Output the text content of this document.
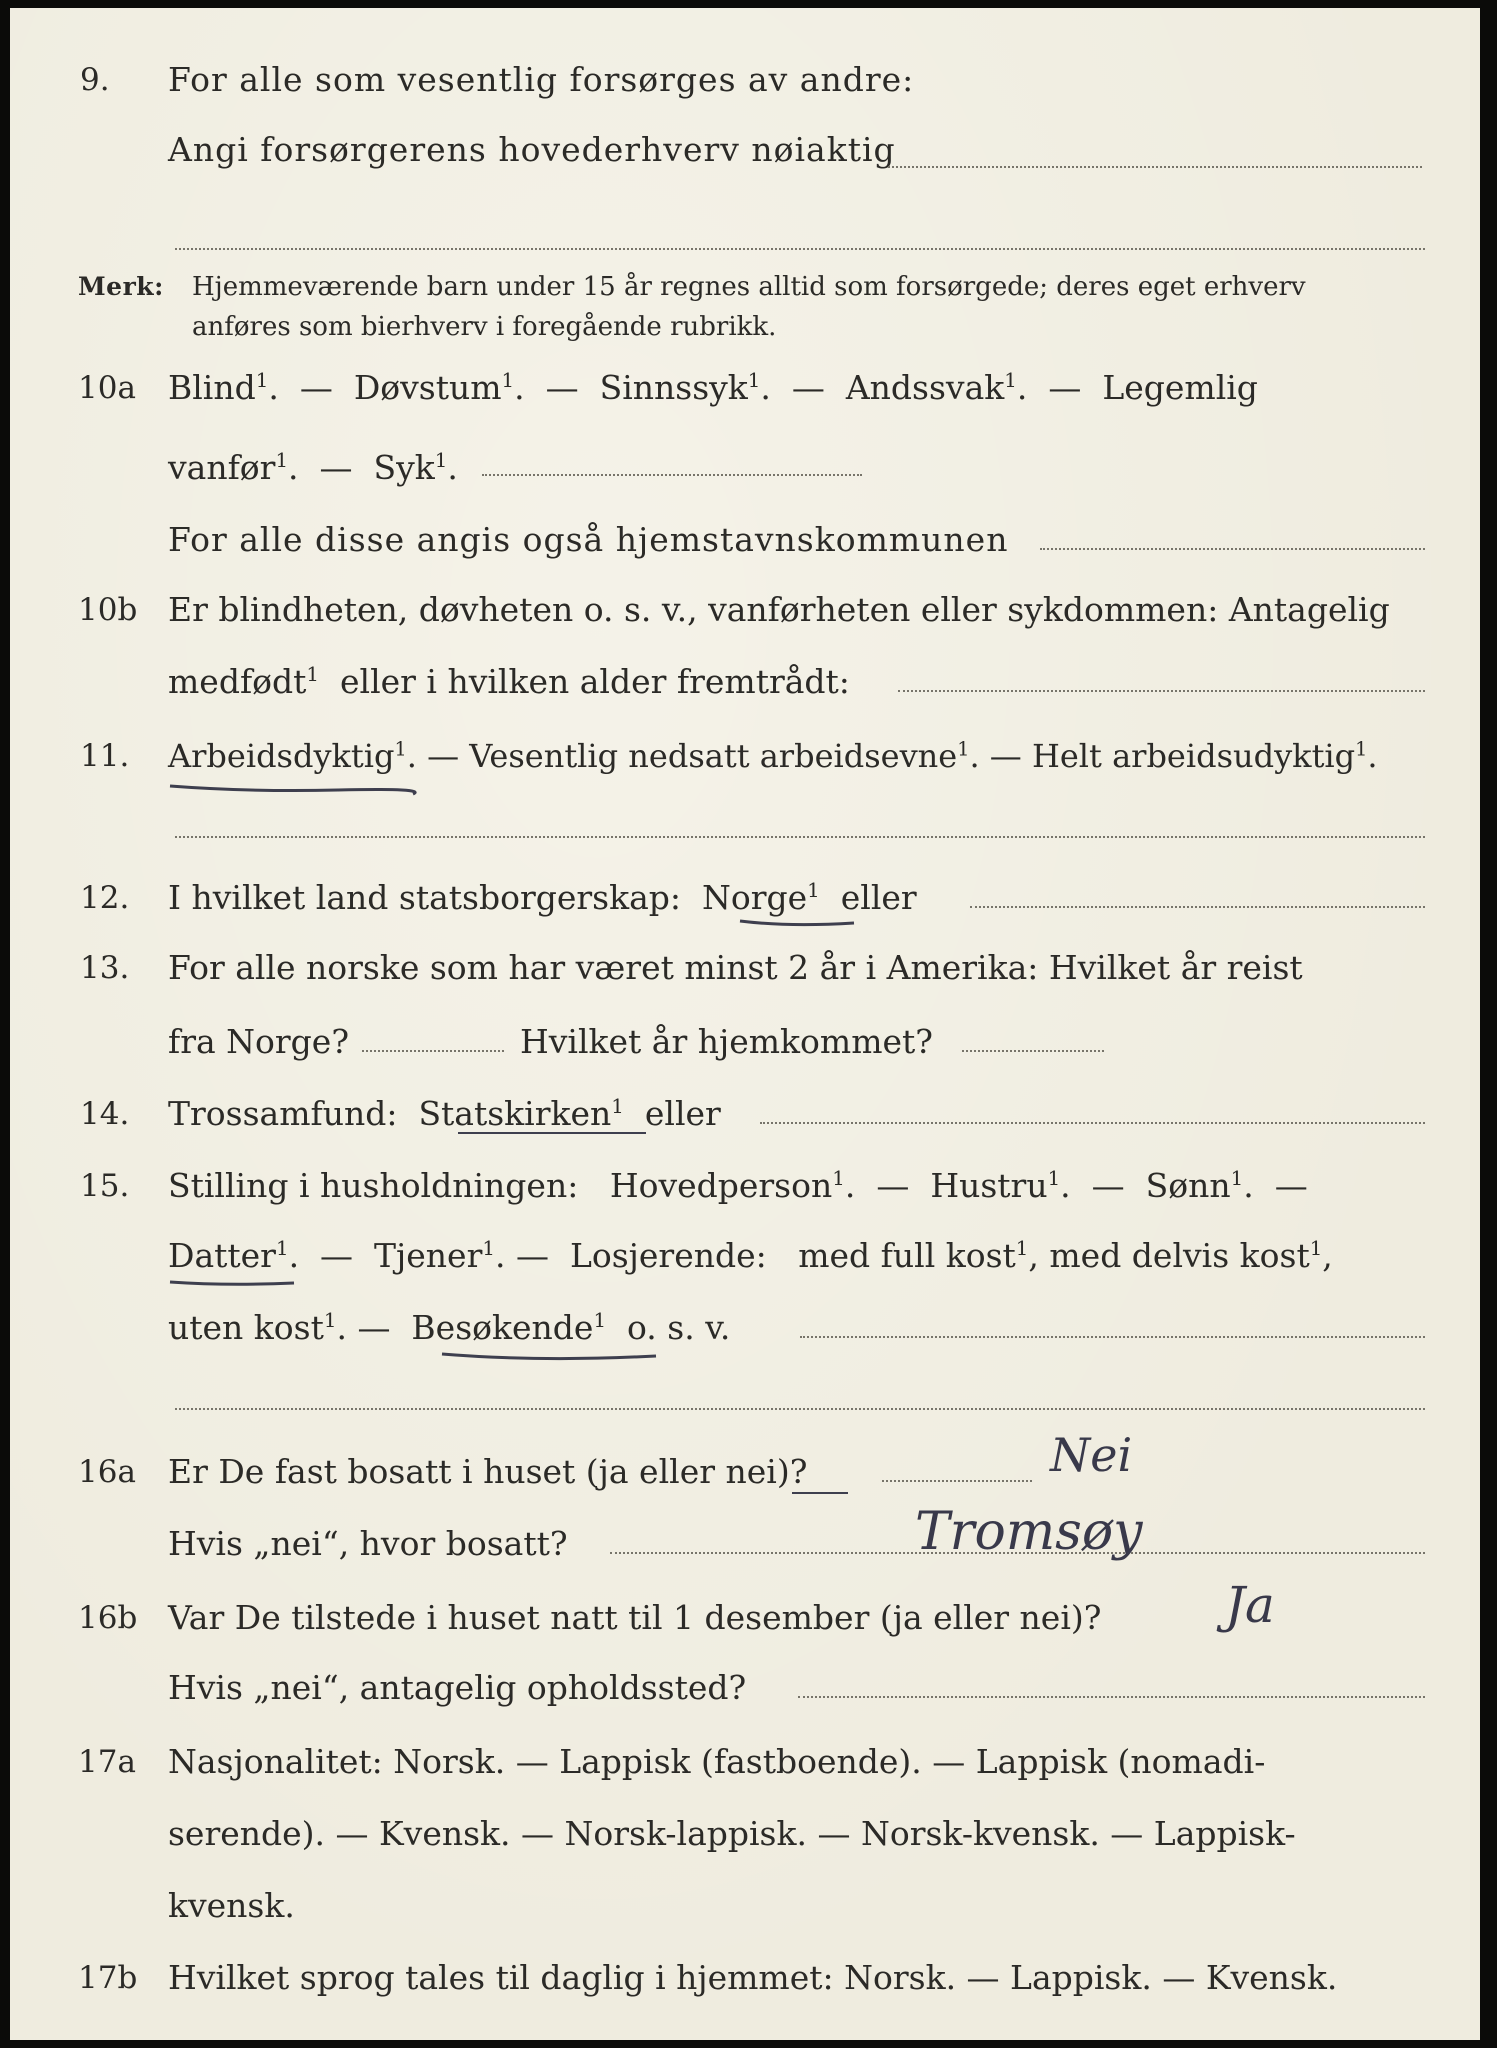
9. For alle som vesentlig forsørges av andre:
Angi forsørgerens hovederhverv nøiaktig
Merk: Hjemmeværende barn under 15 år regnes alltid som forsørgede; deres eget erhverv
anføres som bierhverv i foregående rubrikk.
10a Blind$^1$.  — Døvstum$^1$.  — Sinnssyk$^1$.  — Andssvak$^1$.  — Legemlig
vanfør$^1$.  — Syk$^1$.
For alle disse angis også hjemstavnskommunen
10b Er blindheten, døvheten o. s. v., vanførheten eller sykdommen: Antagelig
medfødt$^1$ eller i hvilken alder fremtrådt:
11. Arbeidsdyktig$^1$. — Vesentlig nedsatt arbeidsevne$^1$. — Helt arbeidsudyktig$^1$.
12. I hvilket land statsborgerskap: Norge$^1$ eller
13. For alle norske som har været minst 2 år i Amerika: Hvilket år reist
fra Norge?	Hvilket år hjemkommet?
14. Trossamfund: Statskirken$^1$ eller
15. Stilling i husholdningen: Hovedperson$^1$.  — Hustru$^1$.  — Sønn$^1$.  —
Datter$^1$.  — Tjener$^1$. — Losjerende: med full kost$^1$, med delvis kost$^1$,
uten kost$^1$. — Besøkende$^1$ o. s. v.
16a Er De fast bosatt i huset (ja eller nei)?	Nei
Hvis „nei“, hvor bosatt?	Tromsøy
16b Var De tilstede i huset natt til 1 desember (ja eller nei)? Ja
Hvis „nei“, antagelig opholdssted?
17a Nasjonalitet: Norsk. — Lappisk (fastboende). — Lappisk (nomadi-
serende). — Kvensk. — Norsk-lappisk. — Norsk-kvensk. — Lappisk-
kvensk.
17b Hvilket sprog tales til daglig i hjemmet: Norsk. — Lappisk. — Kvensk.
